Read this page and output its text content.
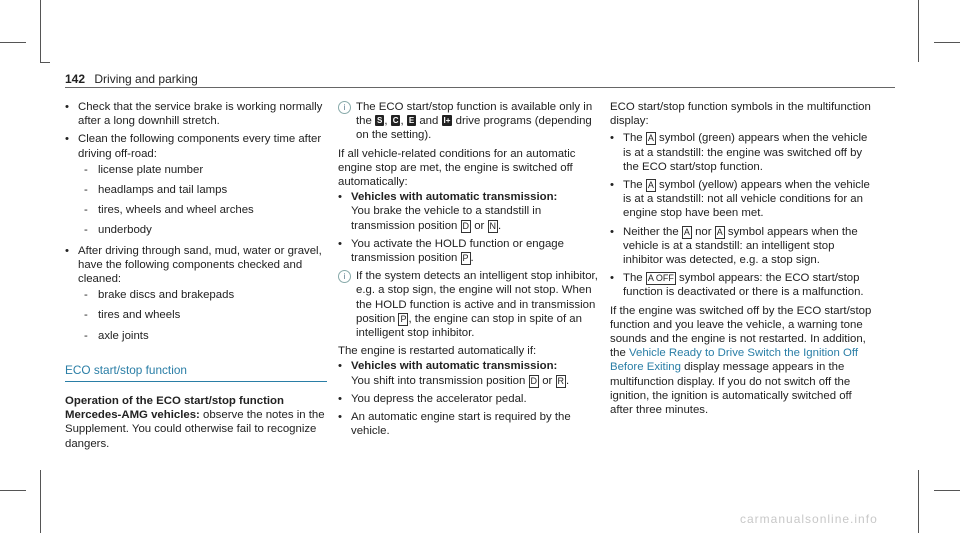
142 Driving and parking
• Check that the service brake is working normally after a long downhill stretch.
• Clean the following components every time after driving off-road:
- license plate number
- headlamps and tail lamps
- tires, wheels and wheel arches
- underbody
• After driving through sand, mud, water or gravel, have the following components checked and cleaned:
- brake discs and brakepads
- tires and wheels
- axle joints
ECO start/stop function

Operation of the ECO start/stop function

Mercedes-AMG vehicles: observe the notes in the Supplement. You could otherwise fail to recognize dangers.

i The ECO start/stop function is available only in the S , C , E and I+ drive programs (depending on the setting).

If all vehicle-related conditions for an automatic engine stop are met, the engine is switched off automatically:

• Vehicles with automatic transmission:
You brake the vehicle to a standstill in transmission position D or N .
• You activate the HOLD function or engage transmission position P .
i If the system detects an intelligent stop inhibitor, e.g. a stop sign, the engine will not stop. When the HOLD function is active and in transmission position P , the engine can stop in spite of an intelligent stop inhibitor.

The engine is restarted automatically if:

• Vehicles with automatic transmission:
You shift into transmission position D or R .
• You depress the accelerator pedal.
• An automatic engine start is required by the vehicle.

ECO start/stop function symbols in the multifunction display:

• The A symbol (green) appears when the vehicle is at a standstill: the engine was switched off by the ECO start/stop function.
• The A symbol (yellow) appears when the vehicle is at a standstill: not all vehicle conditions for an engine stop have been met.
• Neither the A nor A symbol appears when the vehicle is at a standstill: an intelligent stop inhibitor was detected, e.g. a stop sign.
• The A OFF symbol appears: the ECO start/stop function is deactivated or there is a malfunction.

If the engine was switched off by the ECO start/stop function and you leave the vehicle, a warning tone sounds and the engine is not restarted. In addition, the Vehicle Ready to Drive Switch the Ignition Off Before Exiting display message appears in the multifunction display. If you do not switch off the ignition, the ignition is automatically switched off after three minutes.

carmanualsonline.info
